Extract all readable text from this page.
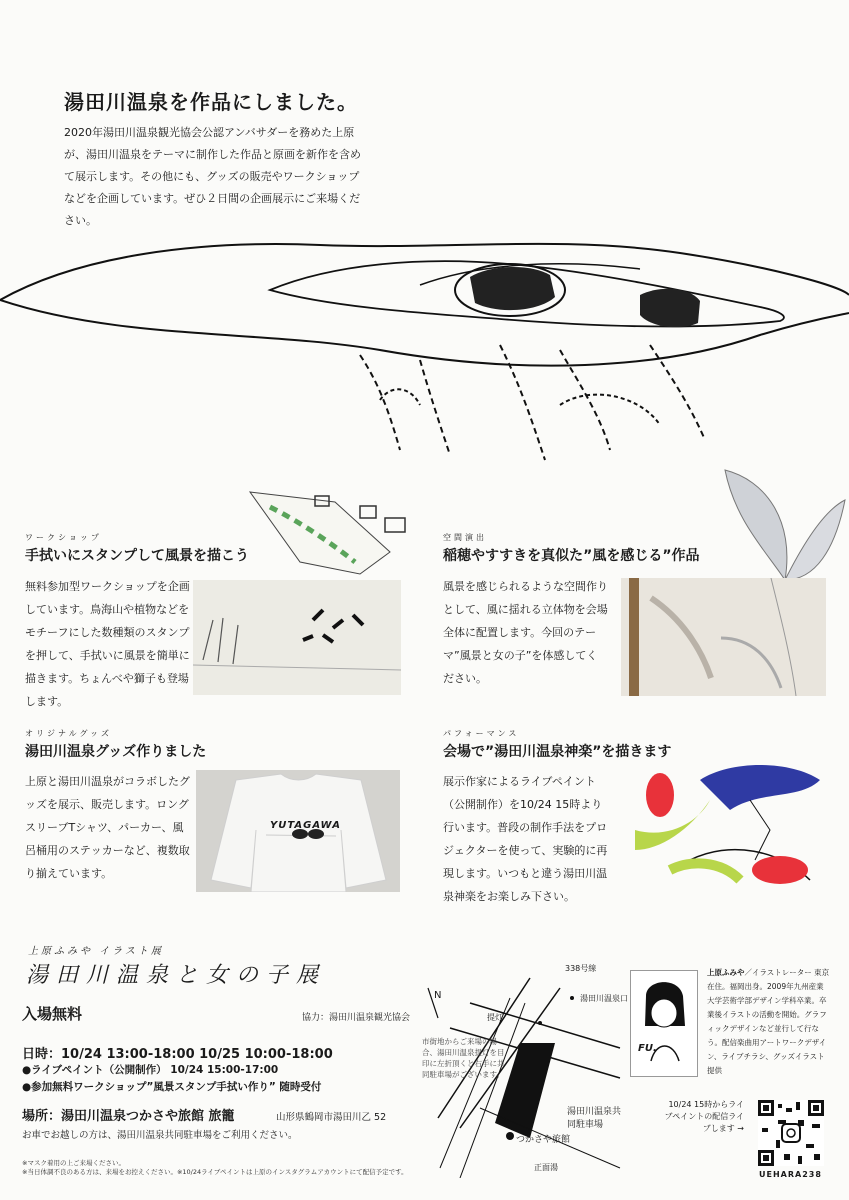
湯田川温泉を作品にしました。
2020年湯田川温泉観光協会公認アンバサダーを務めた上原が、湯田川温泉をテーマに制作した作品と原画を新作を含めて展示します。その他にも、グッズの販売やワークショップなどを企画しています。ぜひ２日間の企画展示にご来場ください。
ワークショップ
手拭いにスタンプして風景を描こう
無料参加型ワークショップを企画しています。鳥海山や植物などをモチーフにした数種類のスタンプを押して、手拭いに風景を簡単に描きます。ちょんべや獅子も登場します。
空間演出
稲穂やすすきを真似た”風を感じる”作品
風景を感じられるような空間作りとして、風に揺れる立体物を会場全体に配置します。今回のテーマ”風景と女の子”を体感してください。
オリジナルグッズ
湯田川温泉グッズ作りました
上原と湯田川温泉がコラボしたグッズを展示、販売します。ロングスリーブTシャツ、パーカー、風呂桶用のステッカーなど、複数取り揃えています。
YUTAGAWA
パフォーマンス
会場で”湯田川温泉神楽”を描きます
展示作家によるライブペイント（公開制作）を10/24 15時より行います。普段の制作手法をプロジェクターを使って、実験的に再現します。いつもと違う湯田川温泉神楽をお楽しみ下さい。
上原ふみや イラスト展
湯田川温泉と女の子展
入場無料	協力：湯田川温泉観光協会
日時：10/24 13:00-18:00 10/25 10:00-18:00
●ライブペイント（公開制作） 10/24 15:00-17:00
●参加無料ワークショップ”風景スタンプ手拭い作り” 随時受付
場所：湯田川温泉つかさや旅館 旅籠	山形県鶴岡市湯田川乙 52
お車でお越しの方は、湯田川温泉共同駐車場をご利用ください。
※マスク着用の上ご来場ください。
※当日体調不良のある方は、来場をお控えください。※10/24ライブペイントは上原のインスタグラムアカウントにて配信予定です。
338号線
湯田川温泉口
提灯
市街地からご来場の場合、湯田川温泉提灯を目印に左折頂くと右手に共同駐車場がございます。
湯田川温泉共同駐車場
つかさや旅館
正面湯
N
FU.
上原ふみや／イラストレーター 東京在住。福岡出身。2009年九州産業大学芸術学部デザイン学科卒業。卒業後イラストの活動を開始。グラフィックデザインなど並行して行なう。配信楽曲用アートワークデザイン、ライブチラシ、グッズイラスト提供
10/24 15時からライブペイントの配信ライブします →
UEHARA238
